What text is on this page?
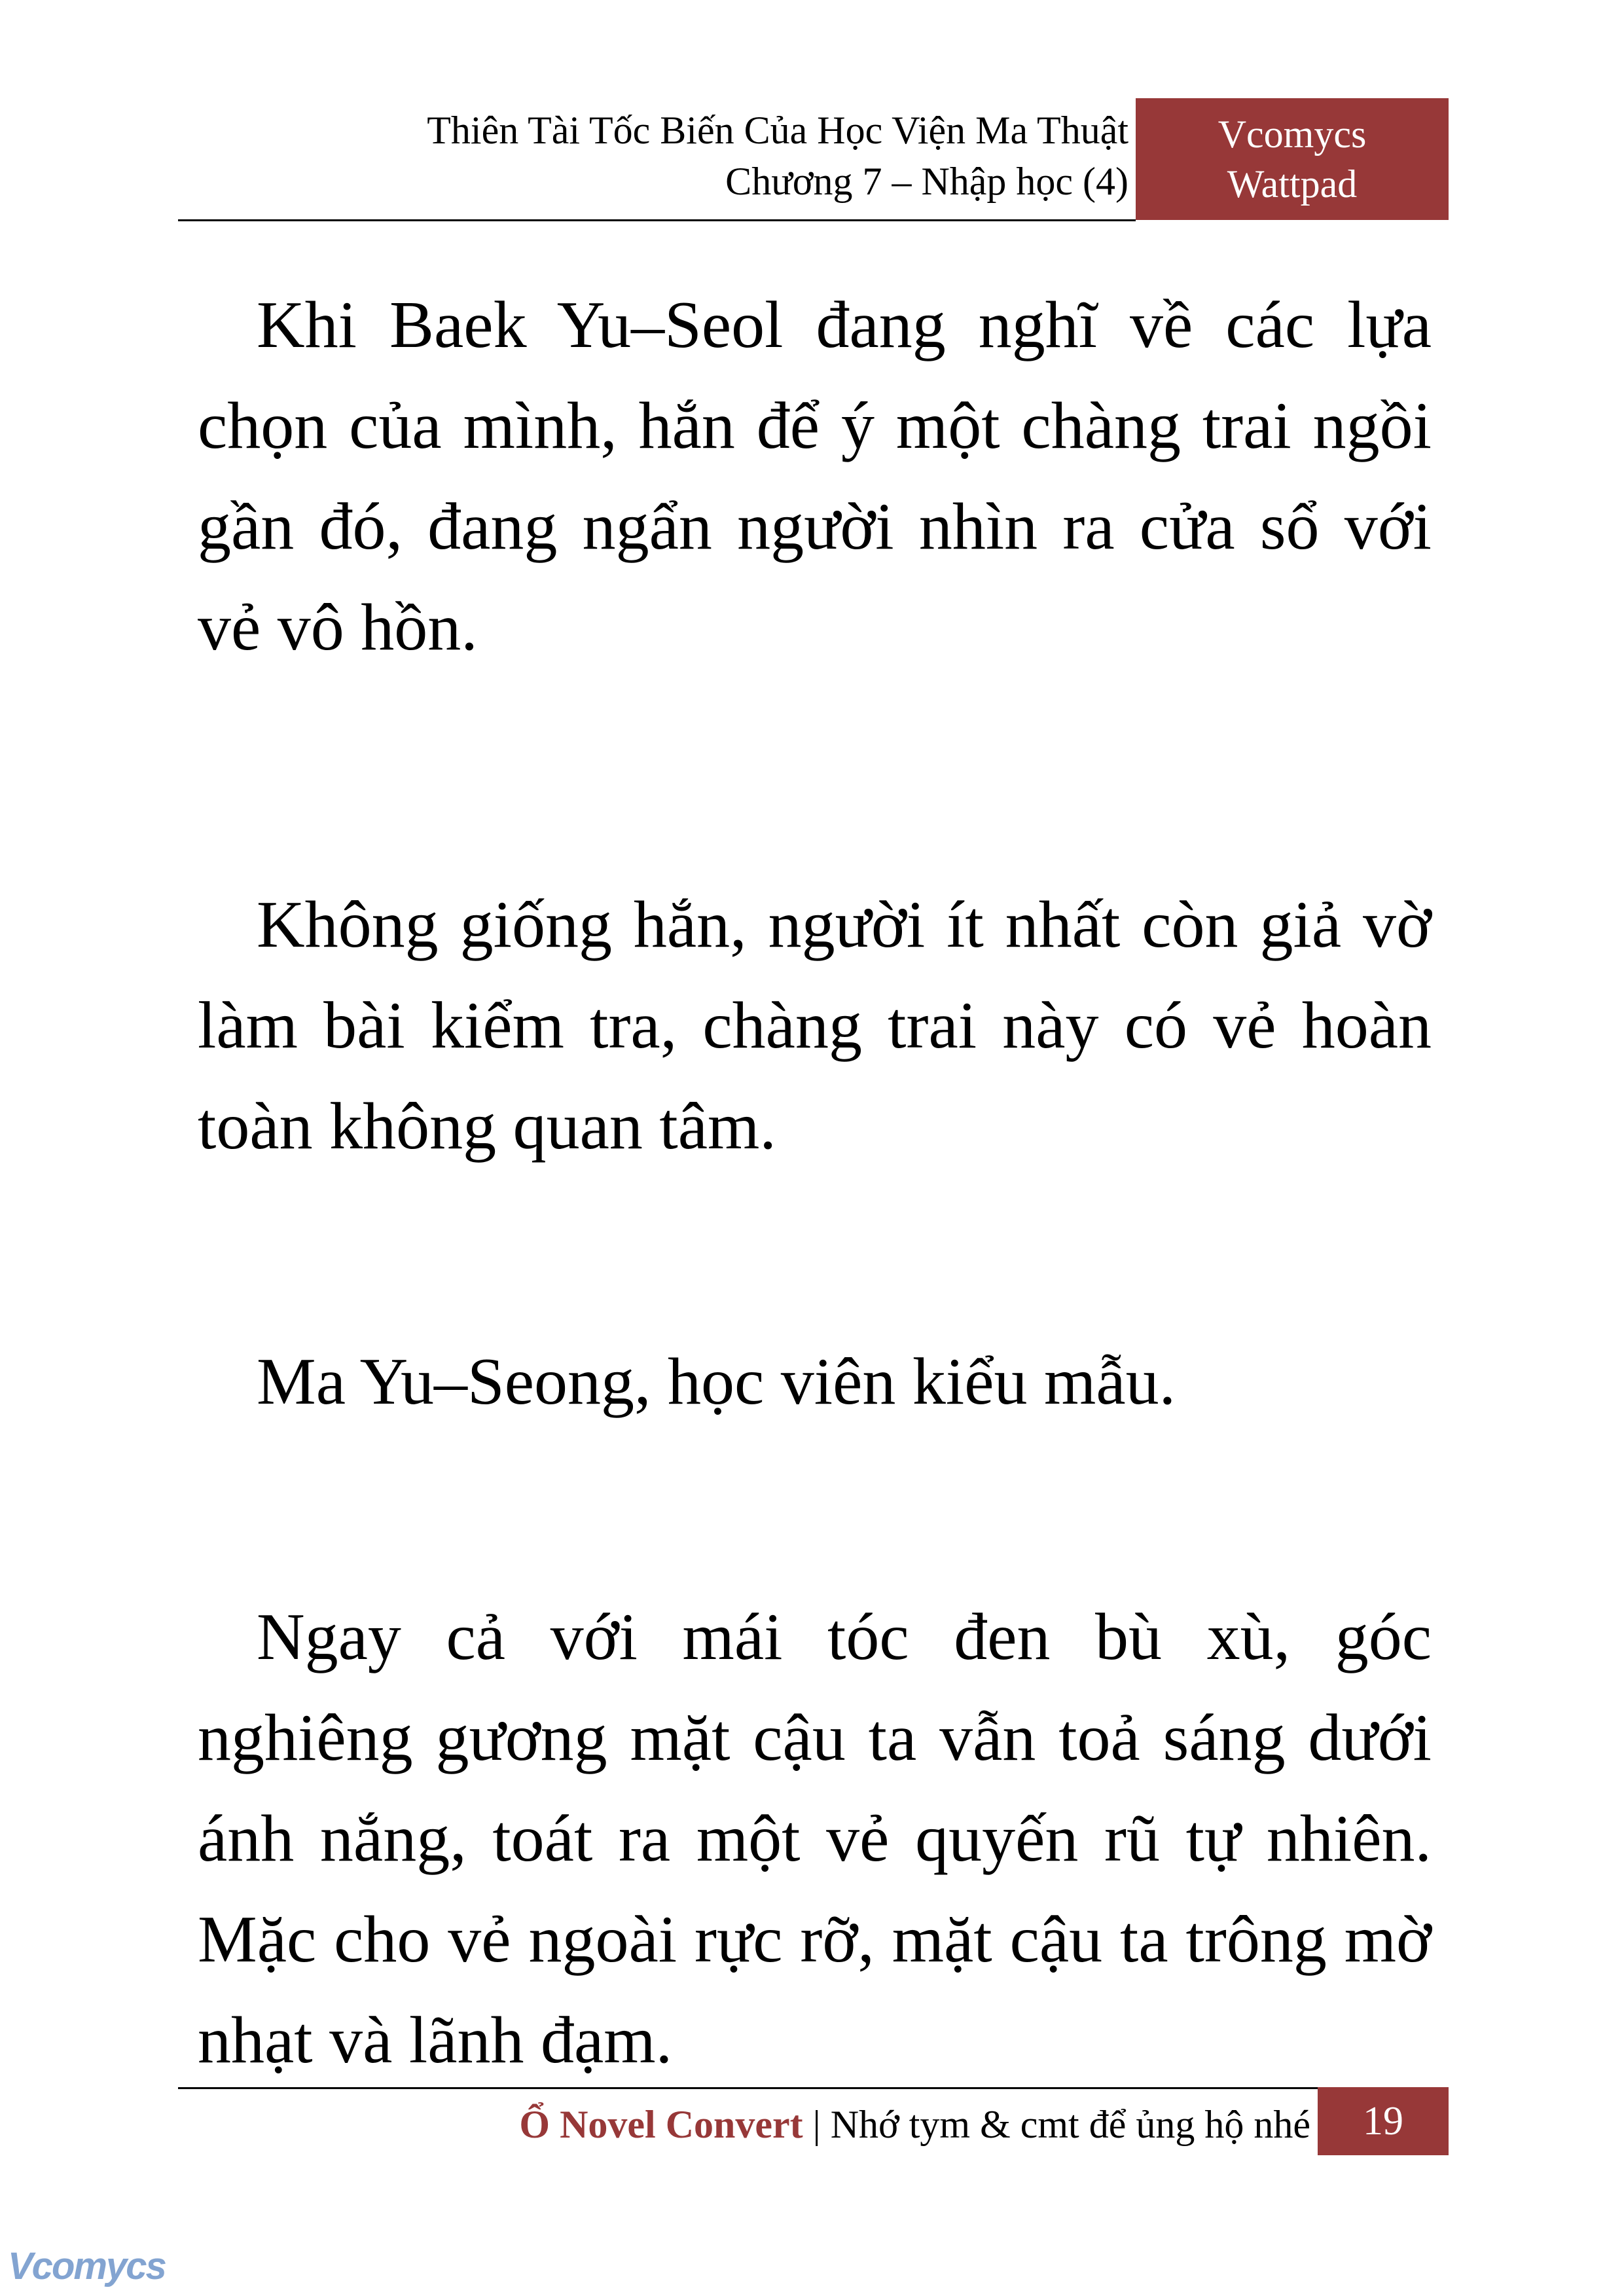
Thiên Tài Tốc Biến Của Học Viện Ma Thuật
Chương 7 – Nhập học (4)
Vcomycs
Wattpad

Khi Baek Yu–Seol đang nghĩ về các lựa chọn của mình, hắn để ý một chàng trai ngồi gần đó, đang ngẩn người nhìn ra cửa sổ với vẻ vô hồn.

Không giống hắn, người ít nhất còn giả vờ làm bài kiểm tra, chàng trai này có vẻ hoàn toàn không quan tâm.

Ma Yu–Seong, học viên kiểu mẫu.

Ngay cả với mái tóc đen bù xù, góc nghiêng gương mặt cậu ta vẫn toả sáng dưới ánh nắng, toát ra một vẻ quyến rũ tự nhiên. Mặc cho vẻ ngoài rực rỡ, mặt cậu ta trông mờ nhạt và lãnh đạm.

Ổ Novel Convert | Nhớ tym & cmt để ủng hộ nhé 19
Vcomycs
